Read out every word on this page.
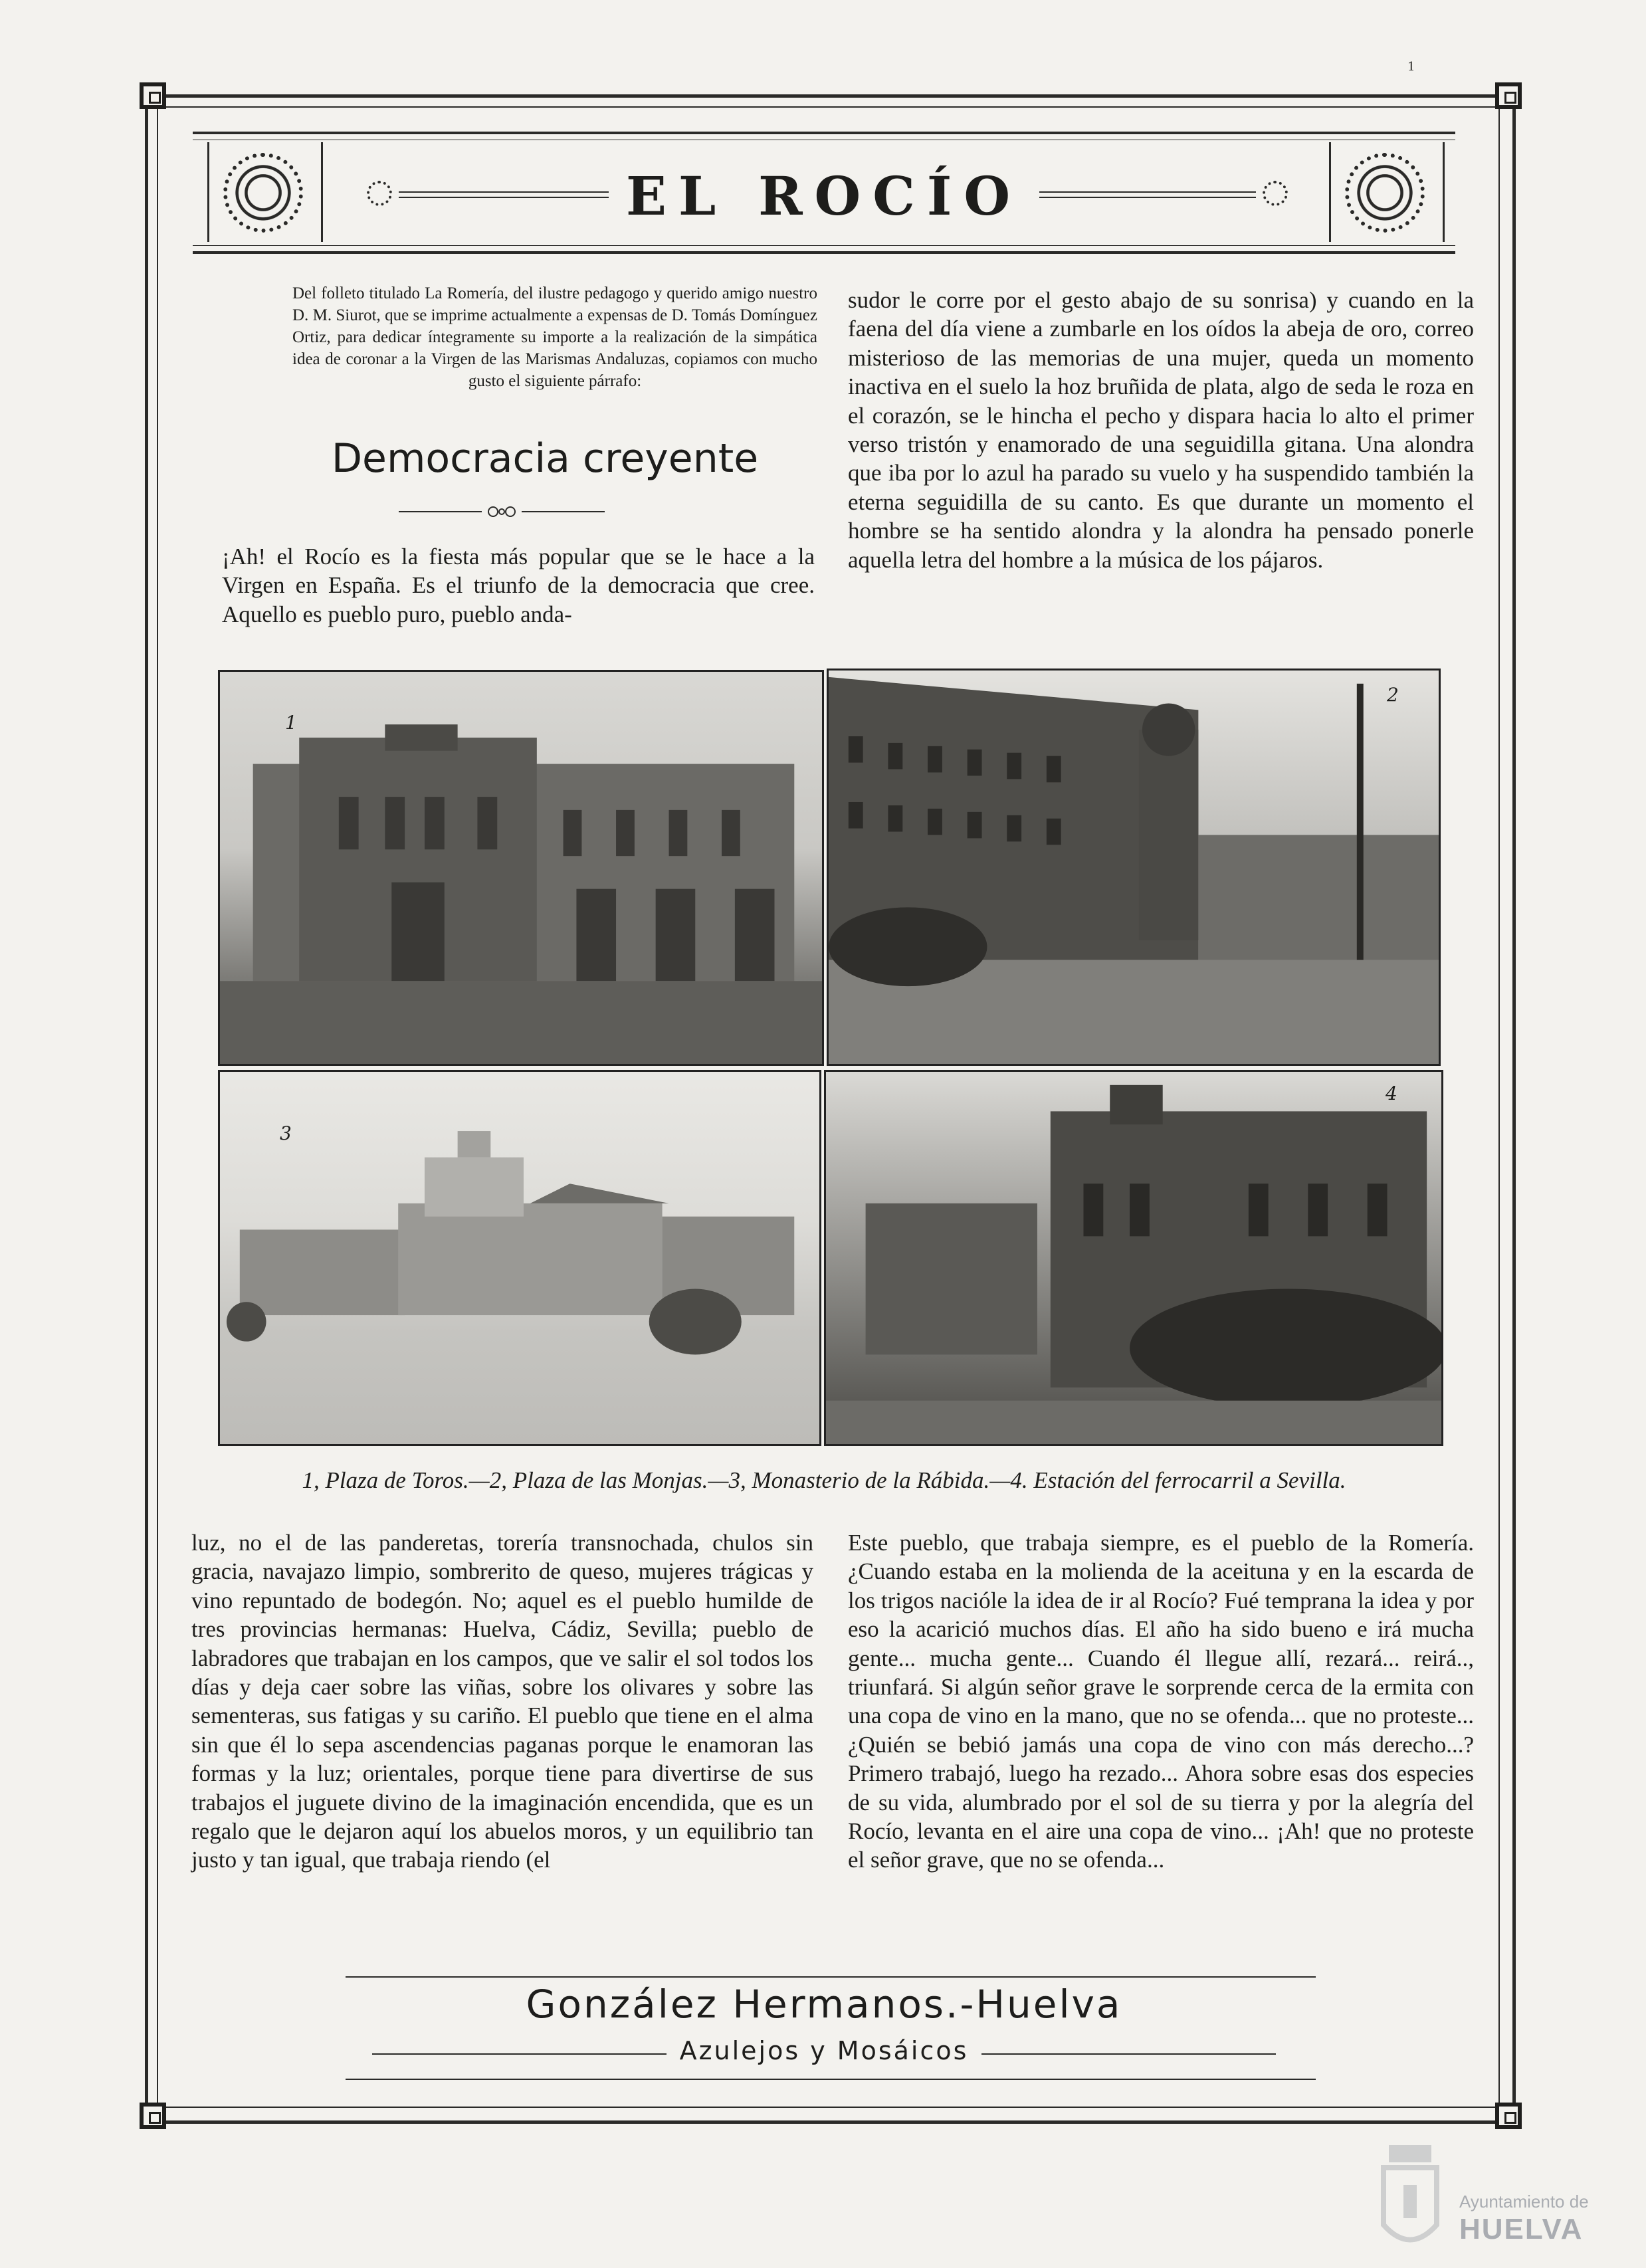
1
EL ROCÍO
Del folleto titulado La Romería, del ilustre pedagogo y querido amigo nuestro D. M. Siurot, que se imprime actualmente a expensas de D. Tomás Domínguez Ortiz, para dedicar íntegramente su importe a la realización de la simpática idea de coronar a la Virgen de las Marismas Andaluzas, copiamos con mucho gusto el siguiente párrafo:
Democracia creyente

¡Ah! el Rocío es la fiesta más popular que se le hace a la Virgen en España. Es el triunfo de la democracia que cree. Aquello es pueblo puro, pueblo anda-

sudor le corre por el gesto abajo de su sonrisa) y cuando en la faena del día viene a zumbarle en los oídos la abeja de oro, correo misterioso de las memorias de una mujer, queda un momento inactiva en el suelo la hoz bruñida de plata, algo de seda le roza en el corazón, se le hincha el pecho y dispara hacia lo alto el primer verso tristón y enamorado de una seguidilla gitana. Una alondra que iba por lo azul ha parado su vuelo y ha suspendido también la eterna seguidilla de su canto. Es que durante un momento el hombre se ha sentido alondra y la alondra ha pensado ponerle aquella letra del hombre a la música de los pájaros.

1
2
3
4
1, Plaza de Toros.—2, Plaza de las Monjas.—3, Monasterio de la Rábida.—4. Estación del ferrocarril a Sevilla.

luz, no el de las panderetas, torería transnochada, chulos sin gracia, navajazo limpio, sombrerito de queso, mujeres trágicas y vino repuntado de bodegón. No; aquel es el pueblo humilde de tres provincias hermanas: Huelva, Cádiz, Sevilla; pueblo de labradores que trabajan en los campos, que ve salir el sol todos los días y deja caer sobre las viñas, sobre los olivares y sobre las sementeras, sus fatigas y su cariño. El pueblo que tiene en el alma sin que él lo sepa ascendencias paganas porque le enamoran las formas y la luz; orientales, porque tiene para divertirse de sus trabajos el juguete divino de la imaginación encendida, que es un regalo que le dejaron aquí los abuelos moros, y un equilibrio tan justo y tan igual, que trabaja riendo (el

Este pueblo, que trabaja siempre, es el pueblo de la Romería. ¿Cuando estaba en la molienda de la aceituna y en la escarda de los trigos nacióle la idea de ir al Rocío? Fué temprana la idea y por eso la acarició muchos días. El año ha sido bueno e irá mucha gente... mucha gente... Cuando él llegue allí, rezará... reirá.., triunfará. Si algún señor grave le sorprende cerca de la ermita con una copa de vino en la mano, que no se ofenda... que no proteste... ¿Quién se bebió jamás una copa de vino con más derecho...? Primero trabajó, luego ha rezado... Ahora sobre esas dos especies de su vida, alumbrado por el sol de su tierra y por la alegría del Rocío, levanta en el aire una copa de vino... ¡Ah! que no proteste el señor grave, que no se ofenda...

González Hermanos.-Huelva
Azulejos y Mosáicos
Ayuntamiento de
HUELVA
